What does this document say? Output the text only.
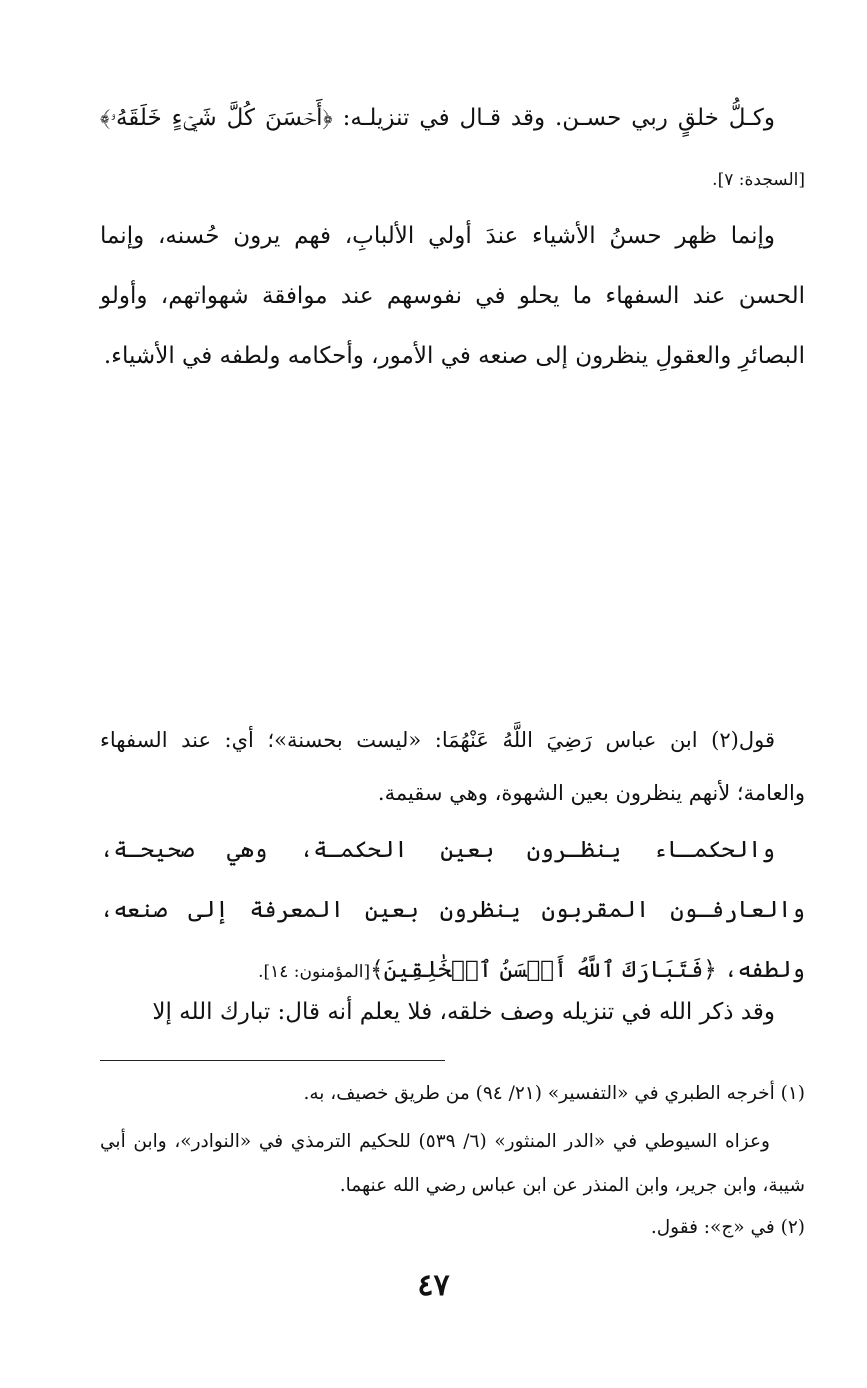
وكـلُّ خلقٍ ربي حسـن. وقد قـال في تنزيلـه: ﴿أَحۡسَنَ كُلَّ شَيۡءٍ خَلَقَهُۥ﴾[السجدة: ٧].

وإنما ظهر حسنُ الأشياء عندَ أولي الألبابِ، فهم يرون حُسنه، وإنما الحسن عند السفهاء ما يحلو في نفوسهم عند موافقة شهواتهم، وأولو البصائرِ والعقولِ ينظرون إلى صنعه في الأمور، وأحكامه ولطفه في الأشياء.

قول(٢) ابن عباس رَضِيَ اللَّهُ عَنْهُمَا: «ليست بحسنة»؛ أي: عند السفهاء والعامة؛ لأنهم ينظرون بعين الشهوة، وهي سقيمة.

والحكمـاء ينظـرون بعين الحكمـة، وهي صحيحـة، والعارفـون المقربون ينظرون بعين المعرفة إلى صنعه، ولطفه، ﴿فَتَبَارَكَ ٱللَّهُ أَحۡسَنُ ٱلۡخَٰلِقِينَ﴾[المؤمنون: ١٤].

وقد ذكر الله في تنزيله وصف خلقه، فلا يعلم أنه قال: تبارك الله إلا

(١) أخرجه الطبري في «التفسير» (٢١/ ٩٤) من طريق خصيف، به.

وعزاه السيوطي في «الدر المنثور» (٦/ ٥٣٩) للحكيم الترمذي في «النوادر»، وابن أبي شيبة، وابن جرير، وابن المنذر عن ابن عباس رضي الله عنهما.

(٢) في «ج»: فقول.

٤٧
